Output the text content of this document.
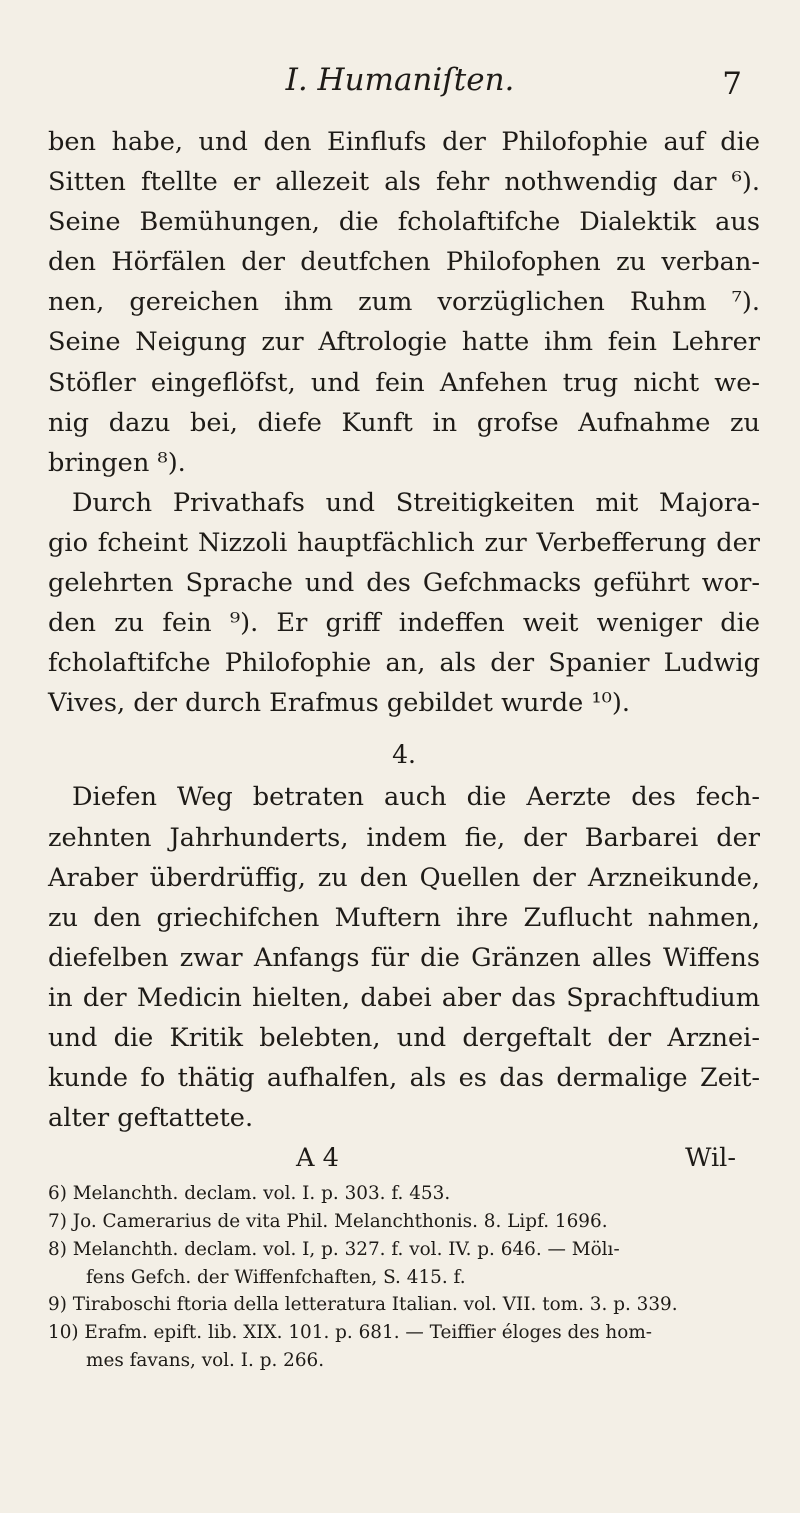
I. Humaniſten.	7

ben habe, und den Einflufs der Philofophie auf die
Sitten ftellte er allezeit als fehr nothwendig dar ⁶).
Seine Bemühungen, die fcholaftifche Dialektik aus
den Hörfälen der deutfchen Philofophen zu verban-
nen, gereichen ihm zum vorzüglichen Ruhm ⁷).
Seine Neigung zur Aftrologie hatte ihm fein Lehrer
Stöfler eingeflöfst, und fein Anfehen trug nicht we-
nig dazu bei, diefe Kunft in grofse Aufnahme zu
bringen ⁸).

Durch Privathafs und Streitigkeiten mit Majora-
gio fcheint Nizzoli hauptfächlich zur Verbefferung der
gelehrten Sprache und des Gefchmacks geführt wor-
den zu fein ⁹). Er griff indeffen weit weniger die
fcholaftifche Philofophie an, als der Spanier Ludwig
Vives, der durch Erafmus gebildet wurde ¹⁰).

4.

Diefen Weg betraten auch die Aerzte des fech-
zehnten Jahrhunderts, indem fie, der Barbarei der
Araber überdrüffig, zu den Quellen der Arzneikunde,
zu den griechifchen Muftern ihre Zuflucht nahmen,
diefelben zwar Anfangs für die Gränzen alles Wiffens
in der Medicin hielten, dabei aber das Sprachftudium
und die Kritik belebten, und dergeftalt der Arznei-
kunde fo thätig aufhalfen, als es das dermalige Zeit-
alter geftattete.

A 4	Wil-
6) Melanchth. declam. vol. I. p. 303. f. 453.
7) Jo. Camerarius de vita Phil. Melanchthonis. 8. Lipf. 1696.
8) Melanchth. declam. vol. I, p. 327. f. vol. IV. p. 646. — Mölı-
fens Gefch. der Wiffenfchaften, S. 415. f.
9) Tiraboschi ftoria della letteratura Italian. vol. VII. tom. 3. p. 339.
10) Erafm. epift. lib. XIX. 101. p. 681. — Teiffier éloges des hom-
mes favans, vol. I. p. 266.
